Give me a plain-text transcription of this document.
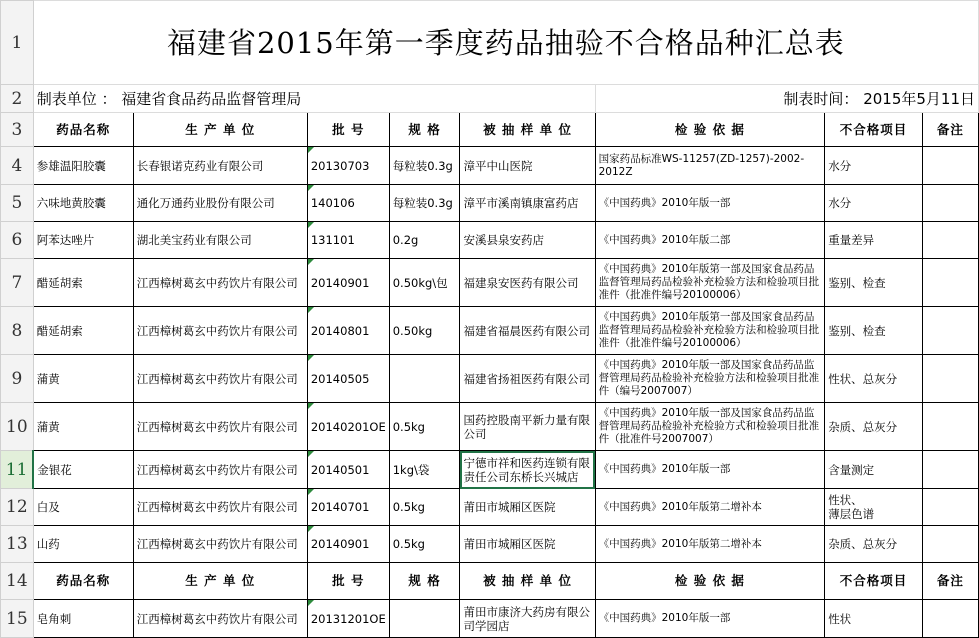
1	福建省2015年第一季度药品抽验不合格品种汇总表							
2	制表单位 ： 福建省食品药品监督管理局					制表时间： 2015年5月11日		
3	药品名称	生 产 单 位	批 号	规 格	被 抽 样 单 位	检 验 依 据	不合格项目	备注
4	参雄温阳胶囊	长春银诺克药业有限公司	20130703	每粒装0.3g	漳平中山医院	国家药品标准WS-11257(ZD-1257)-2002-2012Z	水分	
5	六味地黄胶囊	通化万通药业股份有限公司	140106	每粒装0.3g	漳平市溪南镇康富药店	《中国药典》2010年版一部	水分	
6	阿苯达唑片	湖北美宝药业有限公司	131101	0.2g	安溪县泉安药店	《中国药典》2010年版二部	重量差异	
7	醋延胡索	江西樟树葛玄中药饮片有限公司	20140901	0.50kg\包	福建泉安医药有限公司	《中国药典》2010年版第一部及国家食品药品监督管理局药品检验补充检验方法和检验项目批准件（批准件编号20100006）	鉴别、检查	
8	醋延胡索	江西樟树葛玄中药饮片有限公司	20140801	0.50kg	福建省福晨医药有限公司	《中国药典》2010年版第一部及国家食品药品监督管理局药品检验补充检验方法和检验项目批准件（批准件编号20100006）	鉴别、检查	
9	蒲黄	江西樟树葛玄中药饮片有限公司	20140505		福建省扬祖医药有限公司	《中国药典》2010年版一部及国家食品药品监督管理局药品检验补充检验方法和检验项目批准件（编号2007007）	性状、总灰分	
10	蒲黄	江西樟树葛玄中药饮片有限公司	20140201OE	0.5kg	国药控股南平新力量有限公司	《中国药典》2010年版一部及国家食品药品监督管理局药品检验补充检验方式和检验项目批准件（批准件号2007007）	杂质、总灰分	
11	金银花	江西樟树葛玄中药饮片有限公司	20140501	1kg\袋	宁德市祥和医药连锁有限责任公司东桥长兴城店	《中国药典》2010年版一部	含量测定	
12	白及	江西樟树葛玄中药饮片有限公司	20140701	0.5kg	莆田市城厢区医院	《中国药典》2010年版第二增补本	性状、
薄层色谱	
13	山药	江西樟树葛玄中药饮片有限公司	20140901	0.5kg	莆田市城厢区医院	《中国药典》2010年版第二增补本	杂质、总灰分	
14	药品名称	生 产 单 位	批 号	规 格	被 抽 样 单 位	检 验 依 据	不合格项目	备注
15	皂角刺	江西樟树葛玄中药饮片有限公司	20131201OE		莆田市康济大药房有限公司学园店	《中国药典》2010年版一部	性状	
